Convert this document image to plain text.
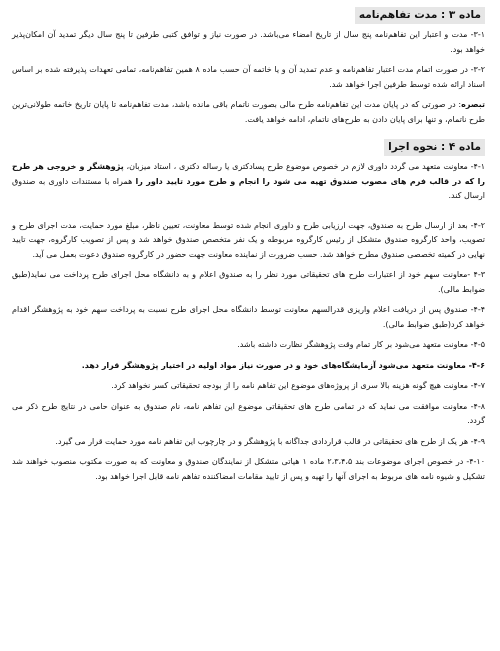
ماده ۳ : مدت تفاهم‌نامه

۳-۱- مدت و اعتبار این تفاهم‌نامه پنج سال از تاریخ امضاء می‌باشد. در صورت نیاز و توافق کتبی طرفین تا پنج سال دیگر تمدید آن امکان‌پذیر خواهد بود.

۳-۲- در صورت اتمام مدت اعتبار تفاهم‌نامه و عدم تمدید آن و یا خاتمه آن حسب ماده ۸ همین تفاهم‌نامه، تمامی تعهدات پذیرفته شده بر اساس اسناد ارائه شده توسط طرفین اجرا خواهد شد.

تبصره: در صورتی که در پایان مدت این تفاهم‌نامه طرح مالی بصورت ناتمام باقی مانده باشد، مدت تفاهم‌نامه تا پایان تاریخ خاتمه طولانی‌ترین طرح ناتمام، و تنها برای پایان دادن به طرح‌های ناتمام، ادامه خواهد یافت.

ماده ۴ : نحوه اجرا

۴-۱- معاونت متعهد می گردد داوری لازم در خصوص موضوع طرح پسادکتری یا رساله دکتری ، استاد میزبان، پژوهشگر و خروجی هر طرح را که در قالب فرم های مصوب صندوق تهیه می شود را انجام و طرح مورد تایید داور را همراه با مستندات داوری به صندوق ارسال کند.

۴-۲- بعد از ارسال طرح به صندوق، جهت ارزیابی طرح و داوری انجام شده توسط معاونت، تعیین ناظر، مبلغ مورد حمایت، مدت اجرای طرح و تصویب، واحد کارگروه صندوق متشکل از رئیس کارگروه مربوطه و یک نفر متخصص صندوق خواهد شد و پس از تصویب کارگروه، جهت تایید نهایی در کمیته تخصصی صندوق مطرح خواهد شد. حسب ضرورت از نماینده معاونت جهت حضور در کارگروه صندوق دعوت بعمل می آید.

۴-۳ -معاونت سهم خود از اعتبارات طرح های تحقیقاتی مورد نظر را به صندوق اعلام و به دانشگاه محل اجرای طرح پرداخت می نماید(طبق ضوابط مالی).

۴-۴- صندوق پس از دریافت اعلام واریزی قدرالسهم معاونت توسط دانشگاه محل اجرای طرح نسبت به پرداخت سهم خود به پژوهشگر اقدام خواهد کرد(طبق ضوابط مالی).

۴-۵- معاونت متعهد می‌شود بر کار تمام وقت پژوهشگر نظارت داشته باشد.

۴-۶- معاونت متعهد می‌شود آزمایشگاه‌های خود و در صورت نیاز مواد اولیه در اختیار پژوهشگر قرار دهد.

۴-۷- معاونت هیچ گونه هزینه بالا سری از پروژه‌های موضوع این تفاهم نامه را از بودجه تحقیقاتی کسر نخواهد کرد.

۴-۸- معاونت موافقت می نماید که در تمامی طرح های تحقیقاتی موضوع این تفاهم نامه، نام صندوق به عنوان حامی در نتایج طرح ذکر می گردد.

۴-۹- هر یک از طرح های تحقیقاتی در قالب قراردادی جداگانه با پژوهشگر و در چارچوب این تفاهم نامه مورد حمایت قرار می گیرد.

۴-۱۰- در خصوص اجرای موضوعات بند ۲،۳،۴،۵ ماده ۱ هیاتی متشکل از نمایندگان صندوق و معاونت که به صورت مکتوب منصوب خواهند شد تشکیل و شیوه نامه های مربوط به اجرای آنها را تهیه و پس از تایید مقامات امضاکننده تفاهم نامه قابل اجرا خواهد بود.
